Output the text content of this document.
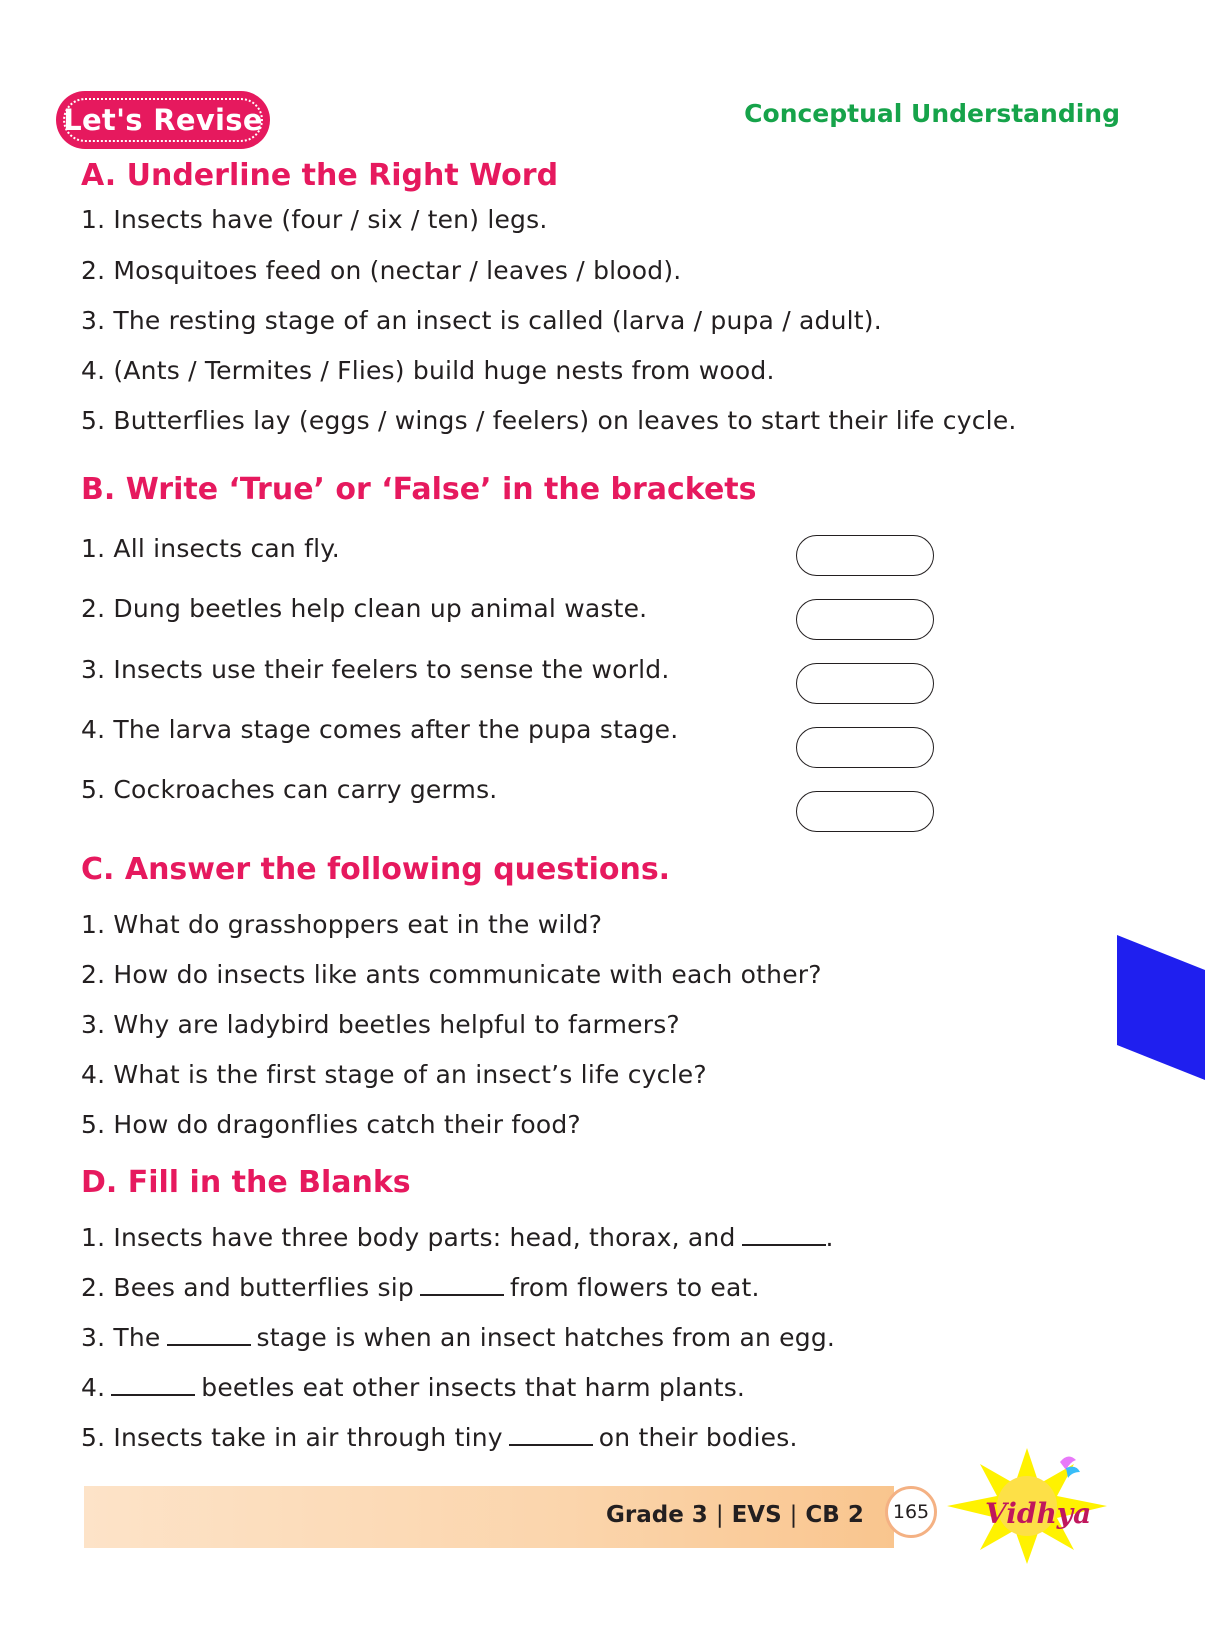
Let's Revise	Conceptual Understanding
A. Underline the Right Word
1. Insects have (four / six / ten) legs.
2. Mosquitoes feed on (nectar / leaves / blood).
3. The resting stage of an insect is called (larva / pupa / adult).
4. (Ants / Termites / Flies) build huge nests from wood.
5. Butterflies lay (eggs / wings / feelers) on leaves to start their life cycle.
B. Write ‘True’ or ‘False’ in the brackets
1. All insects can fly.
2. Dung beetles help clean up animal waste.
3. Insects use their feelers to sense the world.
4. The larva stage comes after the pupa stage.
5. Cockroaches can carry germs.
C. Answer the following questions.
1. What do grasshoppers eat in the wild?
2. How do insects like ants communicate with each other?
3. Why are ladybird beetles helpful to farmers?
4. What is the first stage of an insect’s life cycle?
5. How do dragonflies catch their food?
D. Fill in the Blanks
1. Insects have three body parts: head, thorax, and	.
2. Bees and butterflies sip	from flowers to eat.
3. The	stage is when an insect hatches from an egg.
4.	beetles eat other insects that harm plants.
5. Insects take in air through tiny	on their bodies.
Grade 3 | EVS | CB 2	165 Vidhya
